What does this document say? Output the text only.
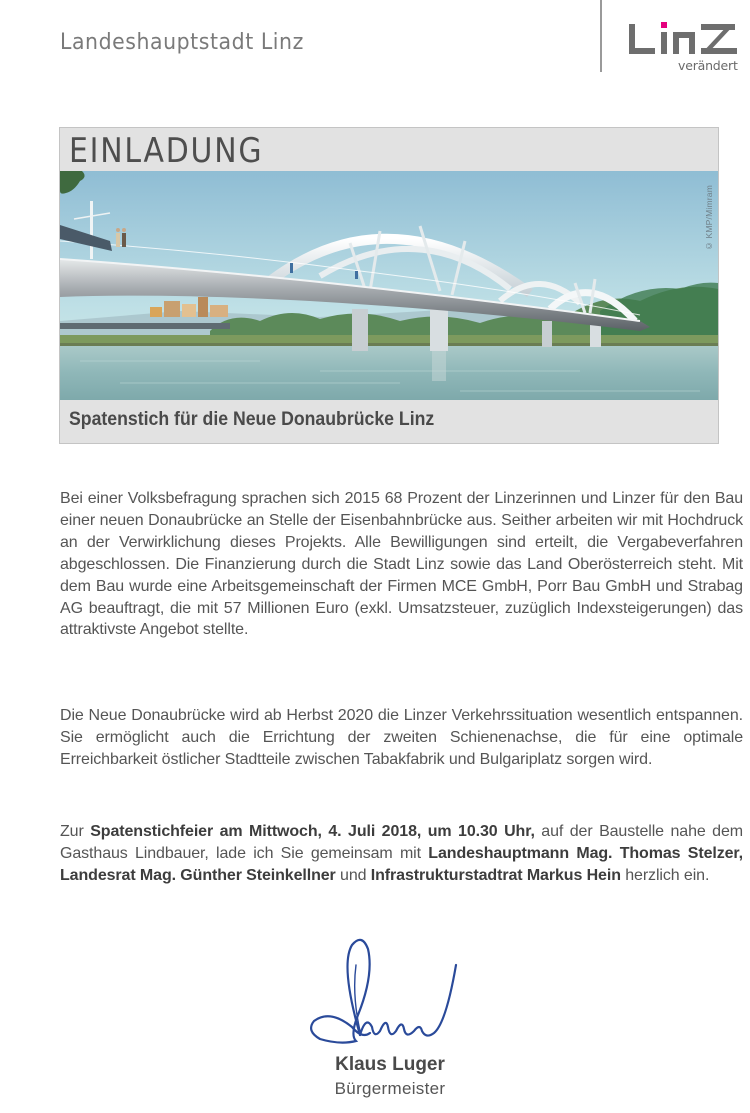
Landeshauptstadt Linz
verändert
EINLADUNG
© KMP/Mimram
Spatenstich für die Neue Donaubrücke Linz

Bei einer Volksbefragung sprachen sich 2015 68 Prozent der Linzerinnen und Linzer für den Bau einer neuen Donaubrücke an Stelle der Eisenbahnbrücke aus. Seither arbeiten wir mit Hochdruck an der Verwirklichung dieses Projekts. Alle Bewilligungen sind erteilt, die Vergabeverfahren abgeschlossen. Die Finanzierung durch die Stadt Linz sowie das Land Oberösterreich steht. Mit dem Bau wurde eine Arbeitsgemeinschaft der Firmen MCE GmbH, Porr Bau GmbH und Strabag AG beauftragt, die mit 57 Millionen Euro (exkl. Umsatzsteuer, zuzüglich Indexsteigerungen) das attraktivste Angebot stellte.

Die Neue Donaubrücke wird ab Herbst 2020 die Linzer Verkehrssituation wesentlich entspannen. Sie ermöglicht auch die Errichtung der zweiten Schienenachse, die für eine optimale Erreichbarkeit östlicher Stadtteile zwischen Tabakfabrik und Bulgariplatz sorgen wird.

Zur Spatenstichfeier am Mittwoch, 4. Juli 2018, um 10.30 Uhr, auf der Baustelle nahe dem Gasthaus Lindbauer, lade ich Sie gemeinsam mit Landeshauptmann Mag. Thomas Stelzer, Landesrat Mag. Günther Steinkellner und Infrastrukturstadtrat Markus Hein herzlich ein.

Klaus Luger
Bürgermeister
